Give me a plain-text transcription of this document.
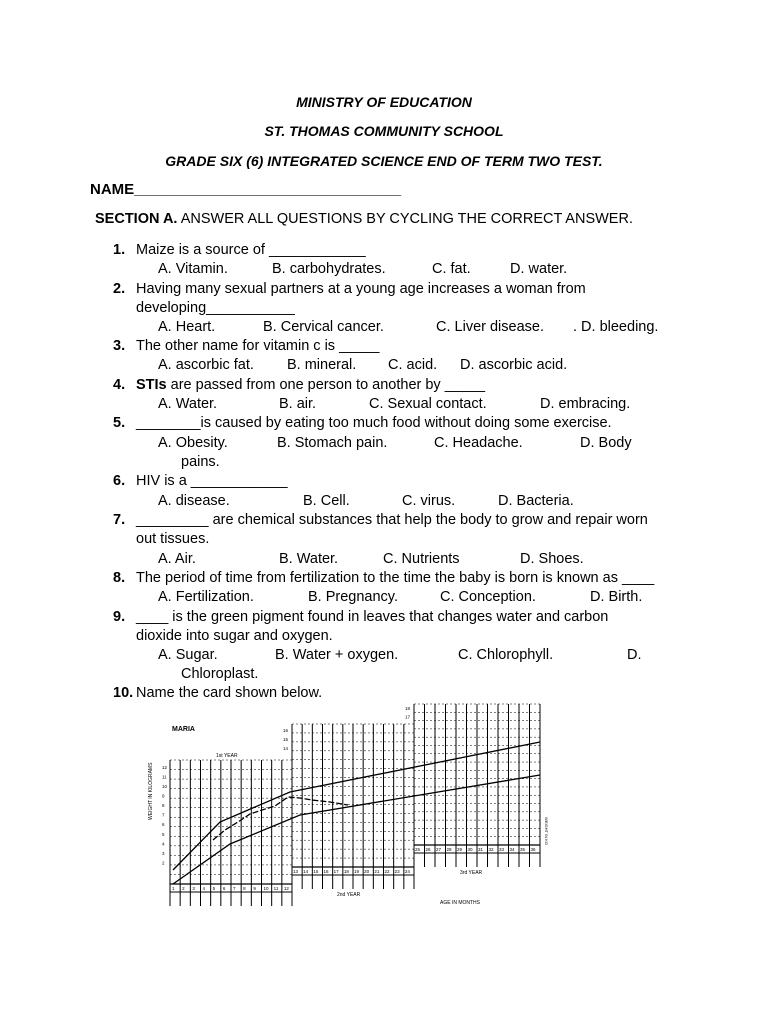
MINISTRY OF EDUCATION
ST. THOMAS COMMUNITY SCHOOL
GRADE SIX (6) INTEGRATED SCIENCE END OF TERM TWO TEST.
NAME________________________________
SECTION A. ANSWER ALL QUESTIONS BY CYCLING THE CORRECT ANSWER.
1. Maize is a source of ____________
A. Vitamin.	B. carbohydrates.	C. fat.	D. water.
2. Having many sexual partners at a young age increases a woman from
developing___________
A. Heart.	B. Cervical cancer.	C. Liver disease. . D. bleeding.
3. The other name for vitamin c is _____
A. ascorbic fat. B. mineral. C. acid. D. ascorbic acid.
4. STIs are passed from one person to another by _____
A. Water.	B. air.	C. Sexual contact.	D. embracing.
5. ________is caused by eating too much food without doing some exercise.
A. Obesity.	B. Stomach pain.	C. Headache.	D. Body
pains.
6. HIV is a ____________
A. disease.	B. Cell.	C. virus.	D. Bacteria.
7. _________ are chemical substances that help the body to grow and repair worn
out tissues.
A. Air.	B. Water.	C. Nutrients	D. Shoes.
8. The period of time from fertilization to the time the baby is born is known as ____
A. Fertilization.	B. Pregnancy.	C. Conception.	D. Birth.
9. ____ is the green pigment found in leaves that changes water and carbon
dioxide into sugar and oxygen.
A. Sugar.	B. Water + oxygen.	C. Chlorophyll.	D.
Chloroplast.
10. Name the card shown below.
MARIA
1st YEAR
2nd YEAR
3rd YEAR
AGE IN MONTHS
WEIGHT IN KILOGRAMS
WEIGHT IN KG
12
11
10
9
8
7
6
5
4
3
2
16
15
14
18
17
1 2 3 4 5 6 7 8 9 10 11 12
13 14 15 16 17 18 19 20 21 22 23 24
25 26 27 28 29 30 31 32 33 34 35 36
